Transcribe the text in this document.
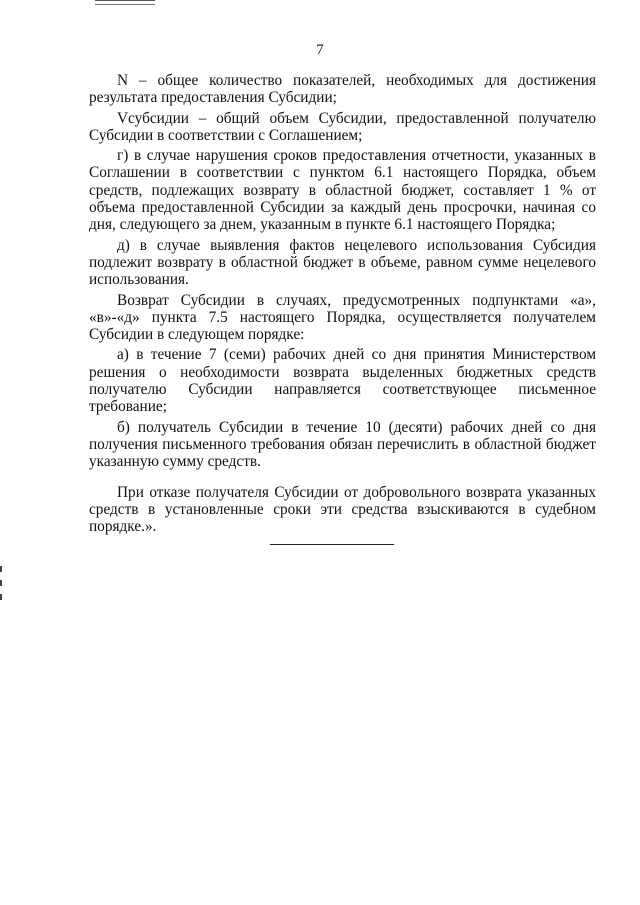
7

N – общее количество показателей, необходимых для достижения результата предоставления Субсидии;

Vсубсидии – общий объем Субсидии, предоставленной получателю Субсидии в соответствии с Соглашением;

г) в случае нарушения сроков предоставления отчетности, указанных в Соглашении в соответствии с пунктом 6.1 настоящего Порядка, объем средств, подлежащих возврату в областной бюджет, составляет 1 % от объема предоставленной Субсидии за каждый день просрочки, начиная со дня, следующего за днем, указанным в пункте 6.1 настоящего Порядка;

д) в случае выявления фактов нецелевого использования Субсидия подлежит возврату в областной бюджет в объеме, равном сумме нецелевого использования.

Возврат Субсидии в случаях, предусмотренных подпунктами «а», «в»-«д» пункта 7.5 настоящего Порядка, осуществляется получателем Субсидии в следующем порядке:

а) в течение 7 (семи) рабочих дней со дня принятия Министерством решения о необходимости возврата выделенных бюджетных средств получателю Субсидии направляется соответствующее письменное требование;

б) получатель Субсидии в течение 10 (десяти) рабочих дней со дня получения письменного требования обязан перечислить в областной бюджет указанную сумму средств.

При отказе получателя Субсидии от добровольного возврата указанных средств в установленные сроки эти средства взыскиваются в судебном порядке.».
